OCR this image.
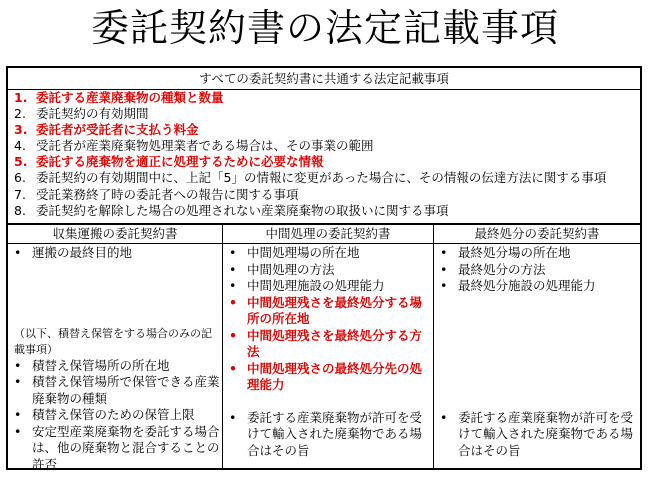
委託契約書の法定記載事項
すべての委託契約書に共通する法定記載事項
1. 委託する産業廃棄物の種類と数量
2. 委託契約の有効期間
3. 委託者が受託者に支払う料金
4. 受託者が産業廃棄物処理業者である場合は、その事業の範囲
5. 委託する廃棄物を適正に処理するために必要な情報
6. 委託契約の有効期間中に、上記「5」の情報に変更があった場合に、その情報の伝達方法に関する事項
7. 受託業務終了時の委託者への報告に関する事項
8. 委託契約を解除した場合の処理されない産業廃棄物の取扱いに関する事項
収集運搬の委託契約書	中間処理の委託契約書	最終処分の委託契約書
• 運搬の最終目的地
（以下、積替え保管をする場合のみの記載事項）
• 積替え保管場所の所在地
• 積替え保管場所で保管できる産業廃棄物の種類
• 積替え保管のための保管上限
• 安定型産業廃棄物を委託する場合は、他の廃棄物と混合することの許否
• 中間処理場の所在地
• 中間処理の方法
• 中間処理施設の処理能力
• 中間処理残さを最終処分する場所の所在地
• 中間処理残さを最終処分する方法
• 中間処理残さの最終処分先の処理能力
• 委託する産業廃棄物が許可を受けて輸入された廃棄物である場合はその旨
• 最終処分場の所在地
• 最終処分の方法
• 最終処分施設の処理能力
• 委託する産業廃棄物が許可を受けて輸入された廃棄物である場合はその旨
